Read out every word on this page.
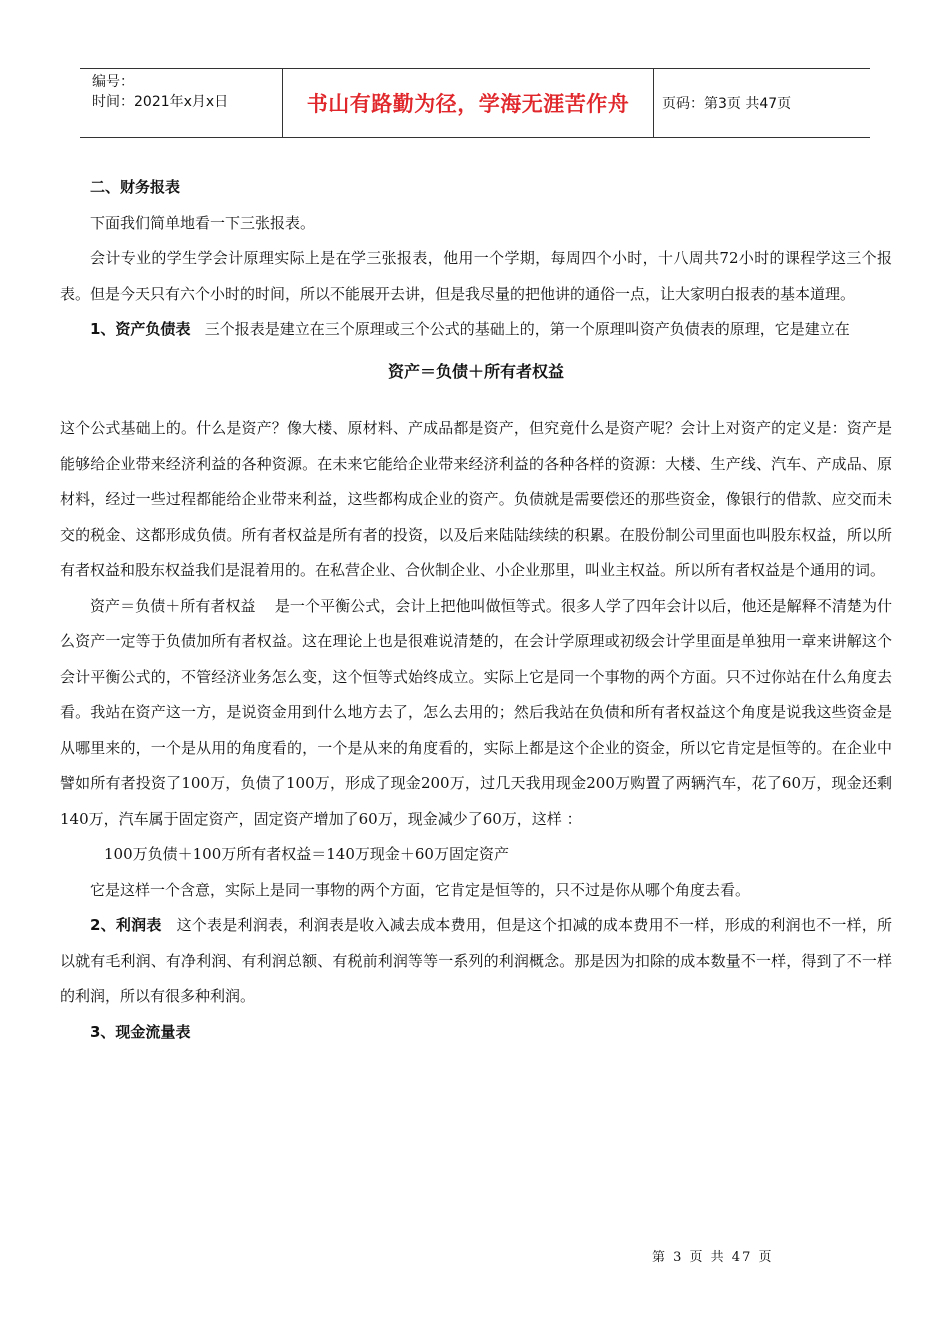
编号：
时间：2021年x月x日	书山有路勤为径，学海无涯苦作舟 页码：第3页 共47页

二、财务报表

下面我们简单地看一下三张报表。

会计专业的学生学会计原理实际上是在学三张报表，他用一个学期，每周四个小时，十八周共72小时的课程学这三个报表。但是今天只有六个小时的时间，所以不能展开去讲，但是我尽量的把他讲的通俗一点，让大家明白报表的基本道理。

1、资产负债表   三个报表是建立在三个原理或三个公式的基础上的，第一个原理叫资产负债表的原理，它是建立在

资产＝负债＋所有者权益

这个公式基础上的。什么是资产？像大楼、原材料、产成品都是资产，但究竟什么是资产呢？会计上对资产的定义是：资产是能够给企业带来经济利益的各种资源。在未来它能给企业带来经济利益的各种各样的资源：大楼、生产线、汽车、产成品、原材料，经过一些过程都能给企业带来利益，这些都构成企业的资产。负债就是需要偿还的那些资金，像银行的借款、应交而未交的税金、这都形成负债。所有者权益是所有者的投资，以及后来陆陆续续的积累。在股份制公司里面也叫股东权益，所以所有者权益和股东权益我们是混着用的。在私营企业、合伙制企业、小企业那里，叫业主权益。所以所有者权益是个通用的词。

资产＝负债＋所有者权益    是一个平衡公式，会计上把他叫做恒等式。很多人学了四年会计以后，他还是解释不清楚为什么资产一定等于负债加所有者权益。这在理论上也是很难说清楚的，在会计学原理或初级会计学里面是单独用一章来讲解这个会计平衡公式的，不管经济业务怎么变，这个恒等式始终成立。实际上它是同一个事物的两个方面。只不过你站在什么角度去看。我站在资产这一方，是说资金用到什么地方去了，怎么去用的；然后我站在负债和所有者权益这个角度是说我这些资金是从哪里来的，一个是从用的角度看的，一个是从来的角度看的，实际上都是这个企业的资金，所以它肯定是恒等的。在企业中譬如所有者投资了100万，负债了100万，形成了现金200万，过几天我用现金200万购置了两辆汽车，花了60万，现金还剩140万，汽车属于固定资产，固定资产增加了60万，现金减少了60万，这样 ：

100万负债＋100万所有者权益＝140万现金＋60万固定资产

它是这样一个含意，实际上是同一事物的两个方面，它肯定是恒等的，只不过是你从哪个角度去看。

2、利润表   这个表是利润表，利润表是收入减去成本费用，但是这个扣减的成本费用不一样，形成的利润也不一样，所以就有毛利润、有净利润、有利润总额、有税前利润等等一系列的利润概念。那是因为扣除的成本数量不一样，得到了不一样的利润，所以有很多种利润。

3、现金流量表

第 3 页 共 47 页
